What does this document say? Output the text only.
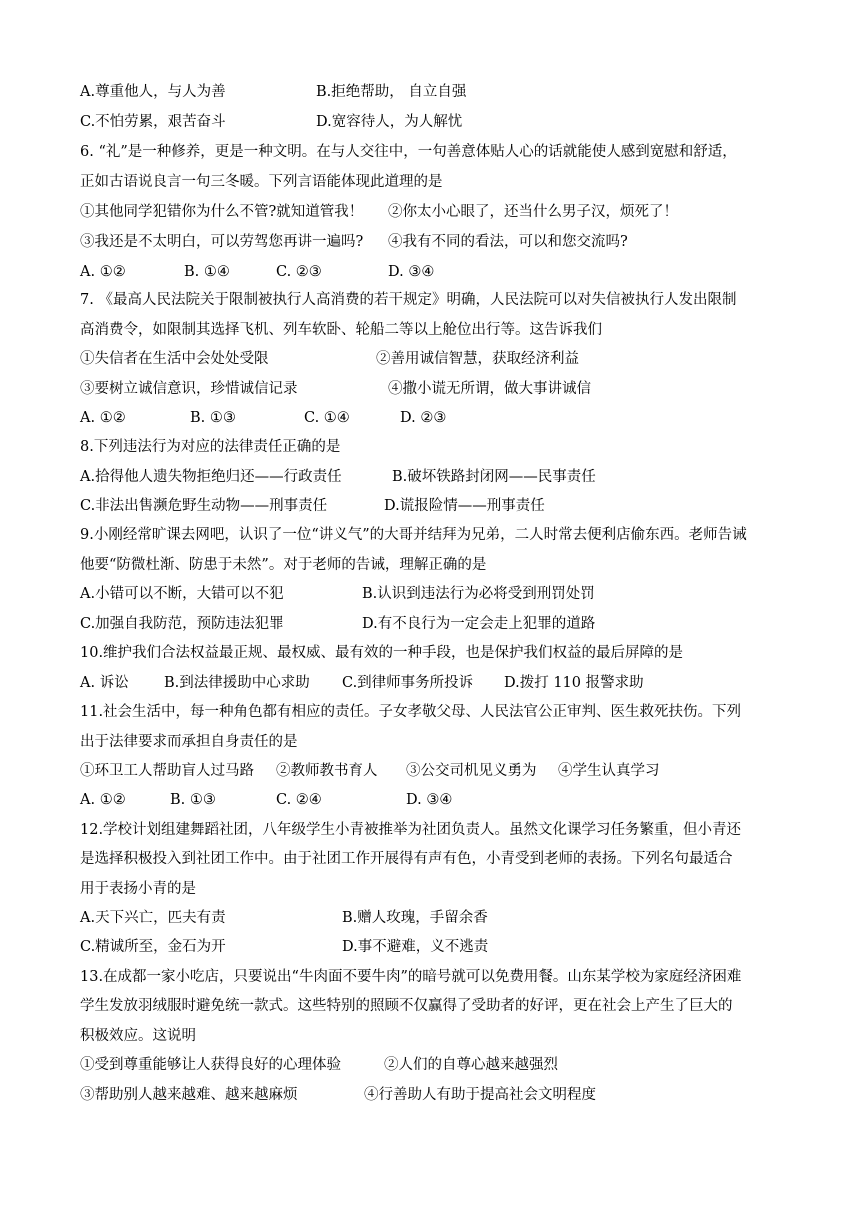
A.尊重他人，与人为善	B.拒绝帮助， 自立自强
C.不怕劳累，艰苦奋斗	D.宽容待人，为人解忧
6. “礼”是一种修养，更是一种文明。在与人交往中，一句善意体贴人心的话就能使人感到宽慰和舒适，
正如古语说良言一句三冬暖。下列言语能体现此道理的是
①其他同学犯错你为什么不管?就知道管我！ ②你太小心眼了，还当什么男子汉，烦死了！
③我还是不太明白，可以劳驾您再讲一遍吗? ④我有不同的看法，可以和您交流吗?
A. ①②	B. ①④	C. ②③	D. ③④
7. 《最高人民法院关于限制被执行人高消费的若干规定》明确，人民法院可以对失信被执行人发出限制
高消费令，如限制其选择飞机、列车软卧、轮船二等以上舱位出行等。这告诉我们
①失信者在生活中会处处受限	②善用诚信智慧，获取经济利益
③要树立诚信意识，珍惜诚信记录	④撒小谎无所谓，做大事讲诚信
A. ①②	B. ①③	C. ①④	D. ②③
8.下列违法行为对应的法律责任正确的是
A.拾得他人遗失物拒绝归还——行政责任	B.破坏铁路封闭网——民事责任
C.非法出售濒危野生动物——刑事责任	D.谎报险情——刑事责任
9.小刚经常旷课去网吧，认识了一位“讲义气”的大哥并结拜为兄弟，二人时常去便利店偷东西。老师告诫
他要“防微杜渐、防患于未然”。对于老师的告诫，理解正确的是
A.小错可以不断，大错可以不犯	B.认识到违法行为必将受到刑罚处罚
C.加强自我防范，预防违法犯罪	D.有不良行为一定会走上犯罪的道路
10.维护我们合法权益最正规、最权威、最有效的一种手段，也是保护我们权益的最后屏障的是
A. 诉讼 B.到法律援助中心求助 C.到律师事务所投诉 D.拨打 110 报警求助
11.社会生活中，每一种角色都有相应的责任。子女孝敬父母、人民法官公正审判、医生救死扶伤。下列
出于法律要求而承担自身责任的是
①环卫工人帮助盲人过马路 ②教师教书育人 ③公交司机见义勇为 ④学生认真学习
A. ①②	B. ①③	C. ②④	D. ③④
12.学校计划组建舞蹈社团，八年级学生小青被推举为社团负责人。虽然文化课学习任务繁重，但小青还
是选择积极投入到社团工作中。由于社团工作开展得有声有色，小青受到老师的表扬。下列名句最适合
用于表扬小青的是
A.天下兴亡，匹夫有责	B.赠人玫瑰，手留余香
C.精诚所至，金石为开	D.事不避难，义不逃责
13.在成都一家小吃店，只要说出“牛肉面不要牛肉”的暗号就可以免费用餐。山东某学校为家庭经济困难
学生发放羽绒服时避免统一款式。这些特别的照顾不仅赢得了受助者的好评，更在社会上产生了巨大的
积极效应。这说明
①受到尊重能够让人获得良好的心理体验	②人们的自尊心越来越强烈
③帮助别人越来越难、越来越麻烦	④行善助人有助于提高社会文明程度
